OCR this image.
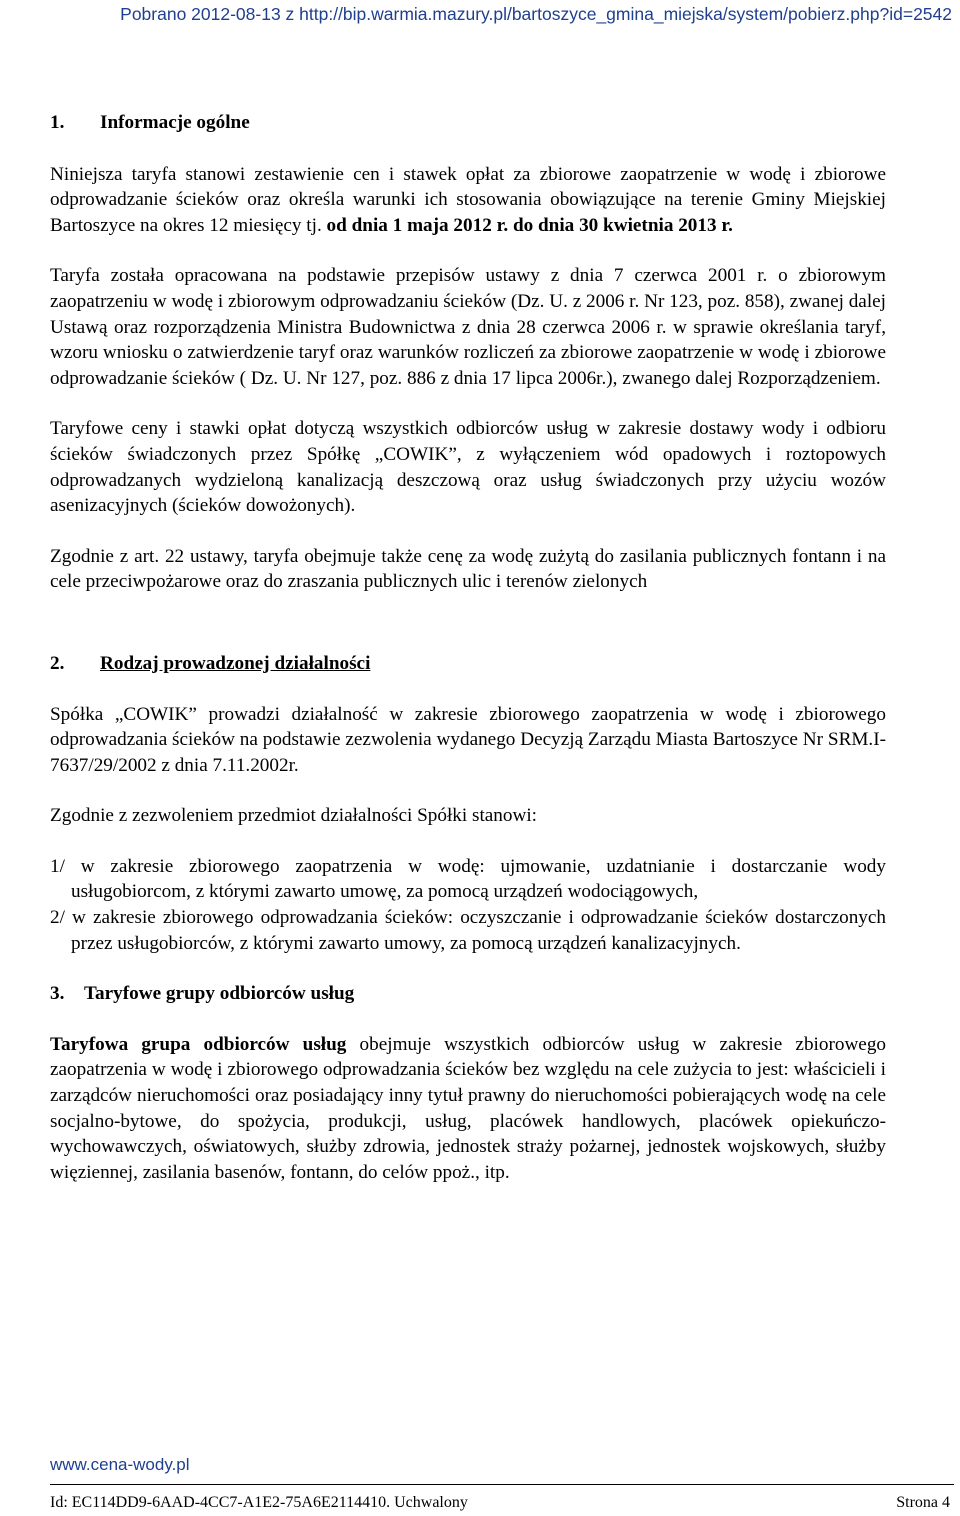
Pobrano 2012-08-13 z http://bip.warmia.mazury.pl/bartoszyce_gmina_miejska/system/pobierz.php?id=2542
1.	Informacje ogólne

Niniejsza taryfa stanowi zestawienie cen i stawek opłat za zbiorowe zaopatrzenie w wodę i zbiorowe odprowadzanie ścieków oraz określa warunki ich stosowania obowiązujące na terenie Gminy Miejskiej Bartoszyce na okres 12 miesięcy tj. od dnia 1 maja 2012 r. do dnia 30 kwietnia 2013 r.

Taryfa została opracowana na podstawie przepisów ustawy z dnia 7 czerwca 2001 r. o zbiorowym zaopatrzeniu w wodę i zbiorowym odprowadzaniu ścieków (Dz. U. z 2006 r. Nr 123, poz. 858), zwanej dalej Ustawą oraz rozporządzenia Ministra Budownictwa z dnia 28 czerwca 2006 r. w sprawie określania taryf, wzoru wniosku o zatwierdzenie taryf oraz warunków rozliczeń za zbiorowe zaopatrzenie w wodę i zbiorowe odprowadzanie ścieków ( Dz. U. Nr 127, poz. 886 z dnia 17 lipca 2006r.), zwanego dalej Rozporządzeniem.

Taryfowe ceny i stawki opłat dotyczą wszystkich odbiorców usług w zakresie dostawy wody i odbioru ścieków świadczonych przez Spółkę „COWIK”, z wyłączeniem wód opadowych i roztopowych odprowadzanych wydzieloną kanalizacją deszczową oraz usług świadczonych przy użyciu wozów asenizacyjnych (ścieków dowożonych).

Zgodnie z art. 22 ustawy, taryfa obejmuje także cenę za wodę zużytą do zasilania publicznych fontann i na cele przeciwpożarowe oraz do zraszania publicznych ulic i terenów zielonych

2.	Rodzaj prowadzonej działalności

Spółka „COWIK” prowadzi działalność w zakresie zbiorowego zaopatrzenia w wodę i zbiorowego odprowadzania ścieków na podstawie zezwolenia wydanego Decyzją Zarządu Miasta Bartoszyce Nr SRM.I-7637/29/2002 z dnia 7.11.2002r.

Zgodnie z zezwoleniem przedmiot działalności Spółki stanowi:

1/ w zakresie zbiorowego zaopatrzenia w wodę: ujmowanie, uzdatnianie i dostarczanie wody usługobiorcom, z którymi zawarto umowę, za pomocą urządzeń wodociągowych,

2/ w zakresie zbiorowego odprowadzania ścieków: oczyszczanie i odprowadzanie ścieków dostarczonych przez usługobiorców, z którymi zawarto umowy, za pomocą urządzeń kanalizacyjnych.

3.	Taryfowe grupy odbiorców usług

Taryfowa grupa odbiorców usług obejmuje wszystkich odbiorców usług w zakresie zbiorowego zaopatrzenia w wodę i zbiorowego odprowadzania ścieków bez względu na cele zużycia to jest: właścicieli i zarządców nieruchomości oraz posiadający inny tytuł prawny do nieruchomości pobierających wodę na cele socjalno-bytowe, do spożycia, produkcji, usług, placówek handlowych, placówek opiekuńczo-wychowawczych, oświatowych, służby zdrowia, jednostek straży pożarnej, jednostek wojskowych, służby więziennej, zasilania basenów, fontann, do celów ppoż., itp.

www.cena-wody.pl
Id: EC114DD9-6AAD-4CC7-A1E2-75A6E2114410. Uchwalony	Strona 4
